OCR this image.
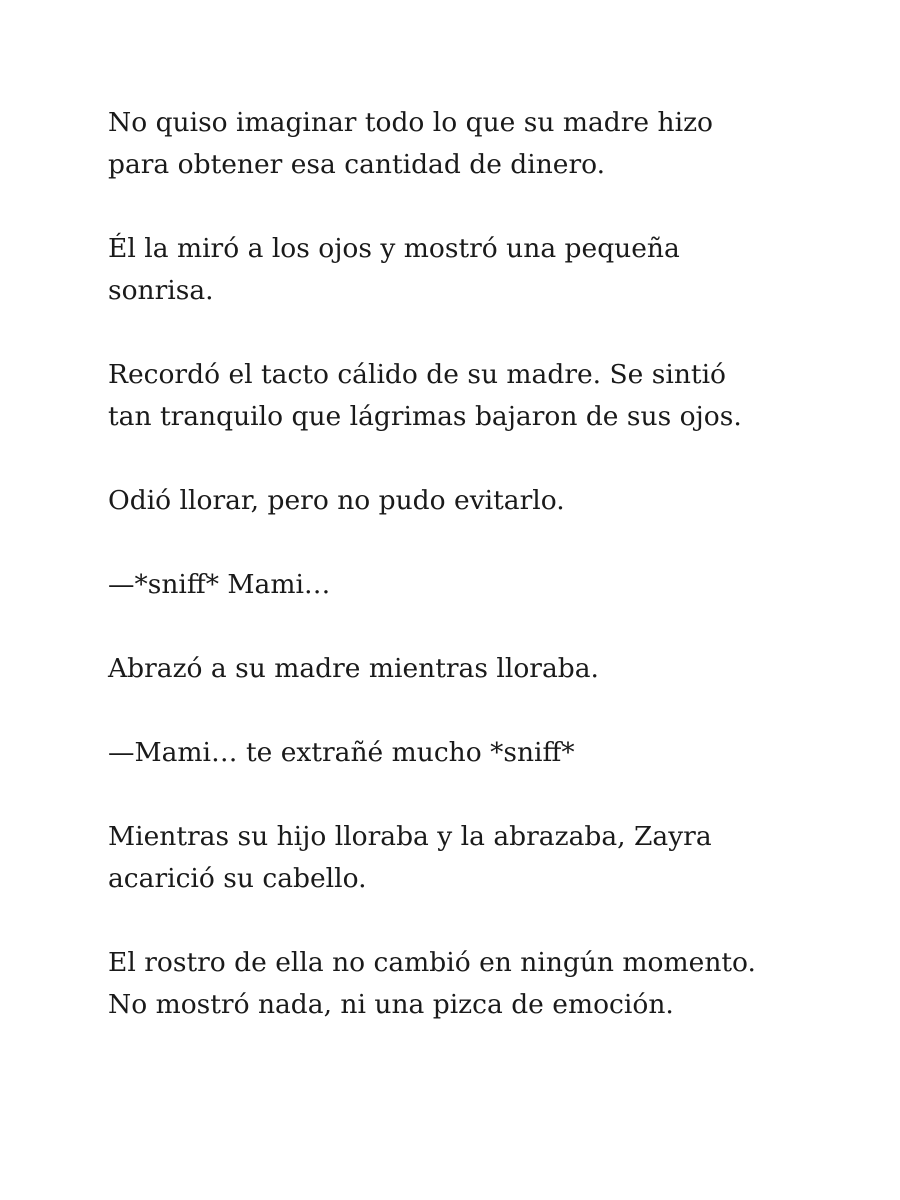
No quiso imaginar todo lo que su madre hizo
para obtener esa cantidad de dinero.

Él la miró a los ojos y mostró una pequeña
sonrisa.

Recordó el tacto cálido de su madre. Se sintió
tan tranquilo que lágrimas bajaron de sus ojos.

Odió llorar, pero no pudo evitarlo.

—*sniff* Mami…

Abrazó a su madre mientras lloraba.

—Mami… te extrañé mucho *sniff*

Mientras su hijo lloraba y la abrazaba, Zayra
acarició su cabello.

El rostro de ella no cambió en ningún momento.
No mostró nada, ni una pizca de emoción.
